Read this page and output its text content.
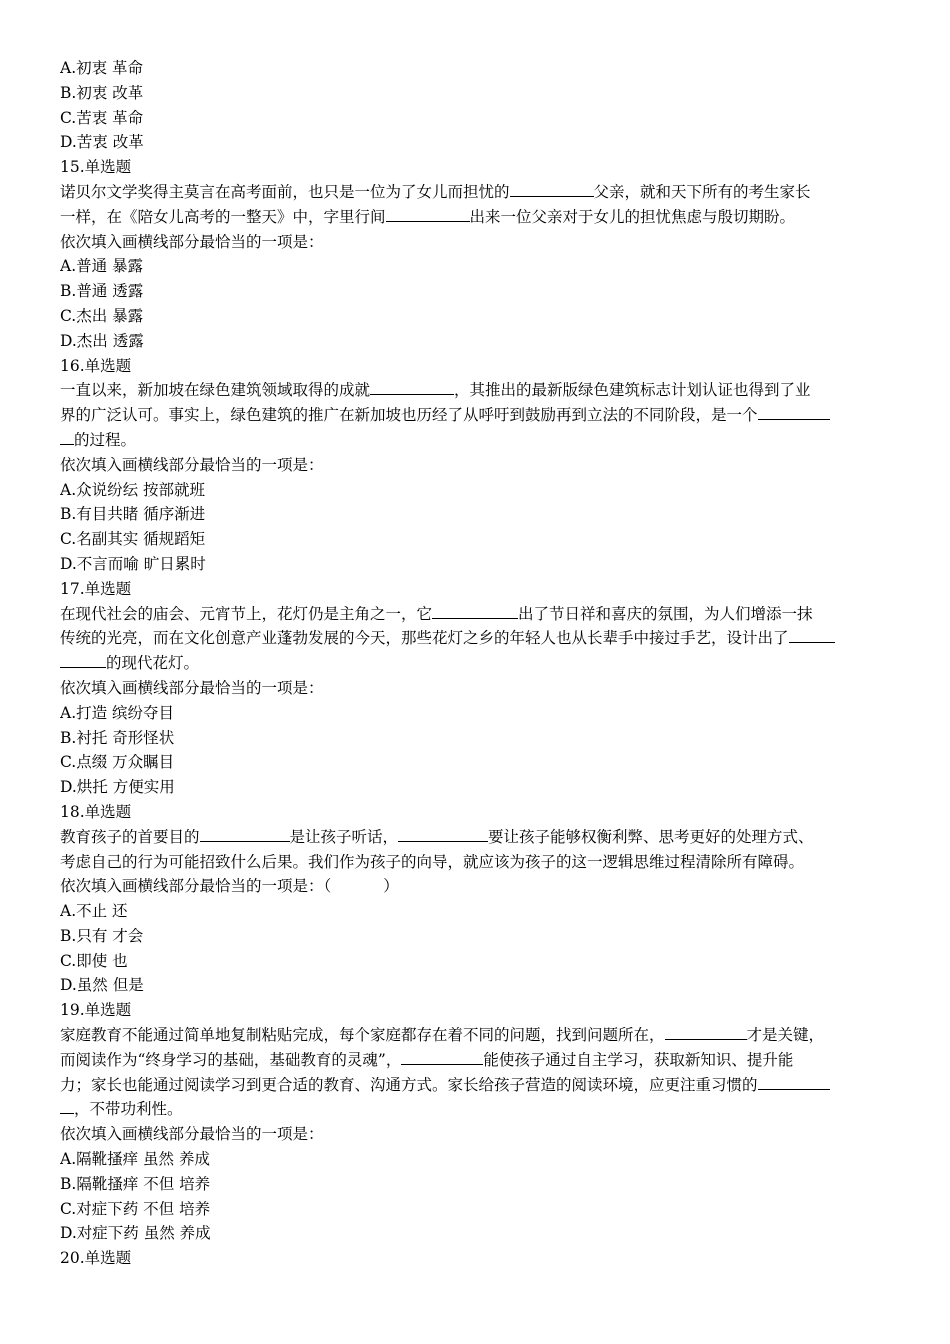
A.初衷 革命
B.初衷 改革
C.苦衷 革命
D.苦衷 改革
15.单选题
诺贝尔文学奖得主莫言在高考面前，也只是一位为了女儿而担忧的	父亲，就和天下所有的考生家长
一样，在《陪女儿高考的一整天》中，字里行间	出来一位父亲对于女儿的担忧焦虑与殷切期盼。
依次填入画横线部分最恰当的一项是：
A.普通 暴露
B.普通 透露
C.杰出 暴露
D.杰出 透露
16.单选题
一直以来，新加坡在绿色建筑领域取得的成就	，其推出的最新版绿色建筑标志计划认证也得到了业
界的广泛认可。事实上，绿色建筑的推广在新加坡也历经了从呼吁到鼓励再到立法的不同阶段，是一个
的过程。
依次填入画横线部分最恰当的一项是：
A.众说纷纭 按部就班
B.有目共睹 循序渐进
C.名副其实 循规蹈矩
D.不言而喻 旷日累时
17.单选题
在现代社会的庙会、元宵节上，花灯仍是主角之一，它	出了节日祥和喜庆的氛围，为人们增添一抹
传统的光亮，而在文化创意产业蓬勃发展的今天，那些花灯之乡的年轻人也从长辈手中接过手艺，设计出了
的现代花灯。
依次填入画横线部分最恰当的一项是：
A.打造 缤纷夺目
B.衬托 奇形怪状
C.点缀 万众瞩目
D.烘托 方便实用
18.单选题
教育孩子的首要目的	是让孩子听话，	要让孩子能够权衡利弊、思考更好的处理方式、
考虑自己的行为可能招致什么后果。我们作为孩子的向导，就应该为孩子的这一逻辑思维过程清除所有障碍。
依次填入画横线部分最恰当的一项是：（	）
A.不止 还
B.只有 才会
C.即使 也
D.虽然 但是
19.单选题
家庭教育不能通过简单地复制粘贴完成，每个家庭都存在着不同的问题，找到问题所在，	才是关键，
而阅读作为“终身学习的基础，基础教育的灵魂”，	能使孩子通过自主学习，获取新知识、提升能
力；家长也能通过阅读学习到更合适的教育、沟通方式。家长给孩子营造的阅读环境，应更注重习惯的
，不带功利性。
依次填入画横线部分最恰当的一项是：
A.隔靴搔痒 虽然 养成
B.隔靴搔痒 不但 培养
C.对症下药 不但 培养
D.对症下药 虽然 养成
20.单选题
